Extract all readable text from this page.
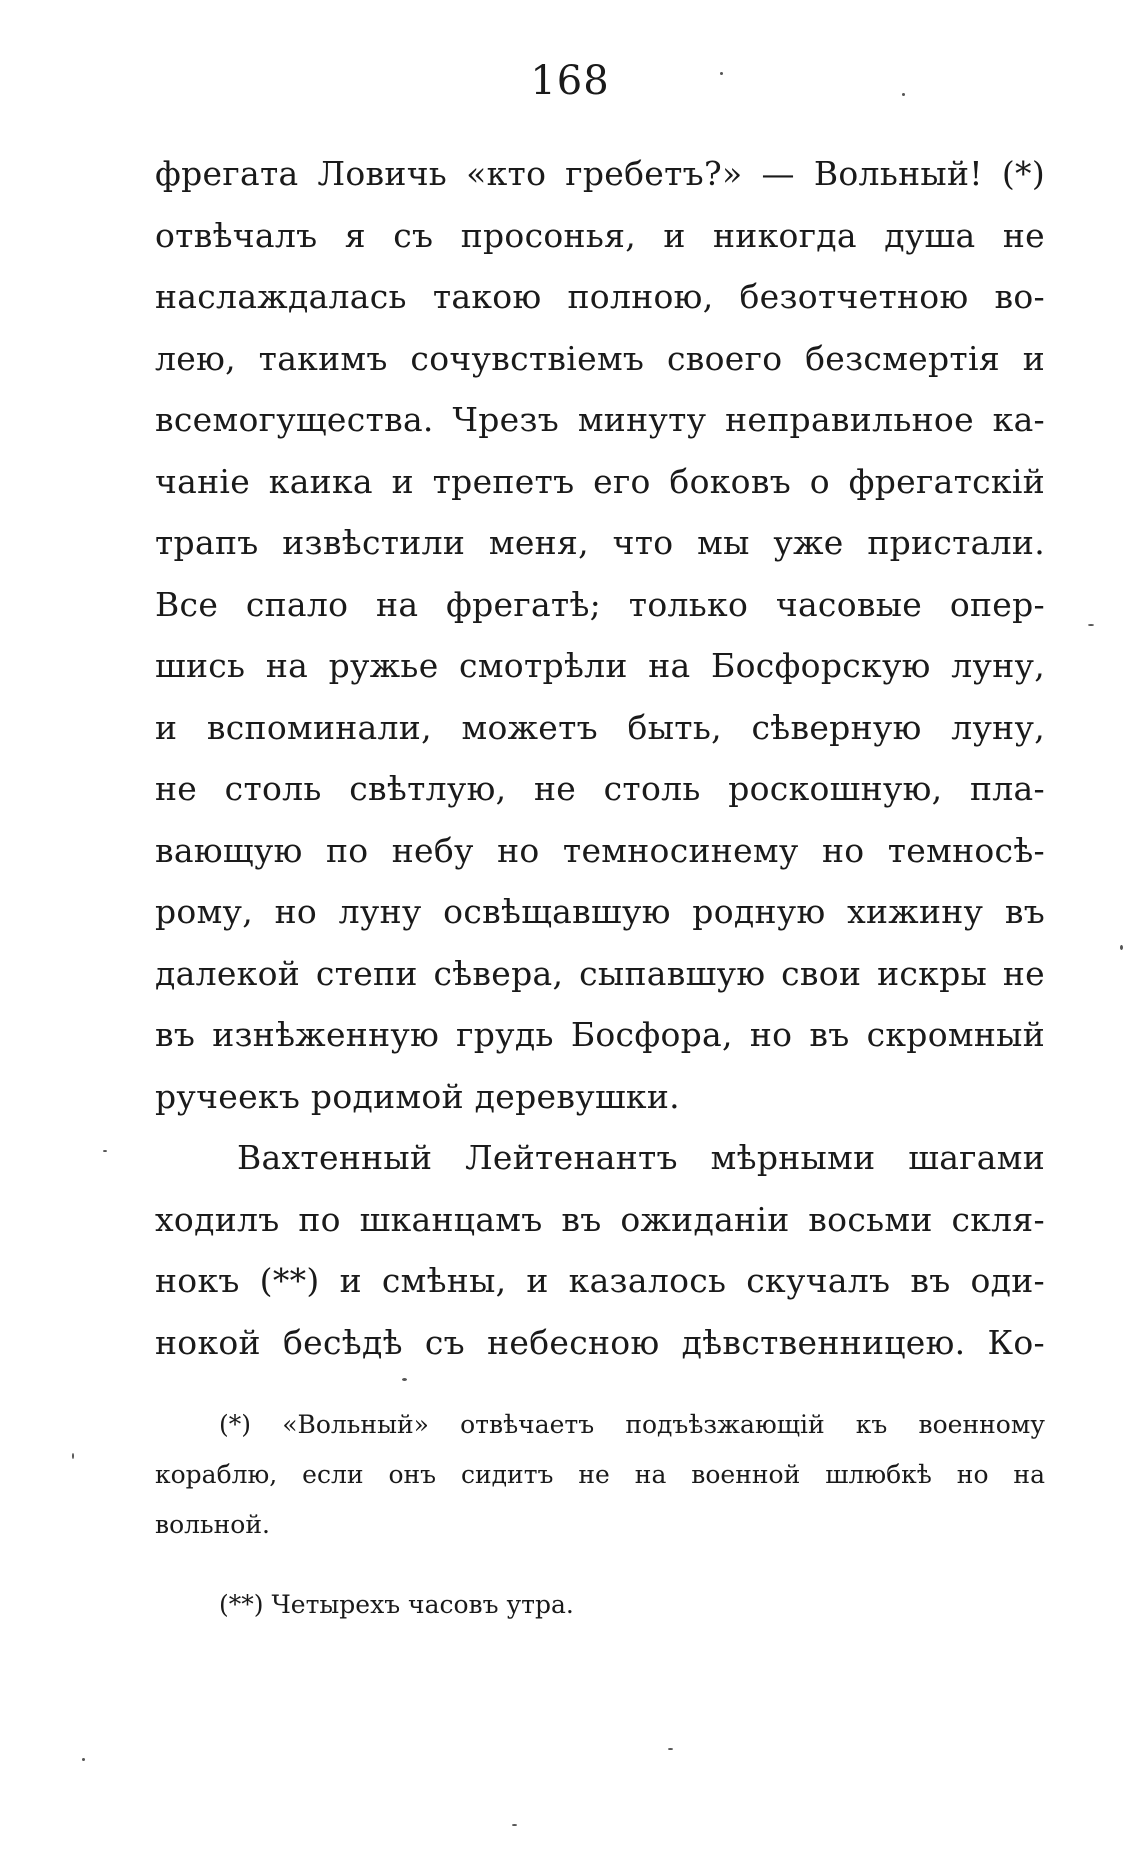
168
фрегата Ловичь «кто гребетъ?» — Вольный! (*)
отвѣчалъ я съ просонья, и никогда душа не
наслаждалась такою полною, безотчетною во-
лею, такимъ сочувствіемъ своего безсмертія и
всемогущества. Чрезъ минуту неправильное ка-
чаніе каика и трепетъ его боковъ о фрегатскій
трапъ извѣстили меня, что мы уже пристали.
Все спало на фрегатѣ; только часовые опер-
шись на ружье смотрѣли на Босфорскую луну,
и вспоминали, можетъ быть, сѣверную луну,
не столь свѣтлую, не столь роскошную, пла-
вающую по небу но темносинему но темносѣ-
рому, но луну освѣщавшую родную хижину въ
далекой степи сѣвера, сыпавшую свои искры не
въ изнѣженную грудь Босфора, но въ скромный
ручеекъ родимой деревушки.
Вахтенный Лейтенантъ мѣрными шагами
ходилъ по шканцамъ въ ожиданіи восьми скля-
нокъ (**) и смѣны, и казалось скучалъ въ оди-
нокой бесѣдѣ съ небесною дѣвственницею. Ко-
(*) «Вольный» отвѣчаетъ подъѣзжающій къ военному
кораблю, если онъ сидитъ не на военной шлюбкѣ но на
вольной.
(**) Четырехъ часовъ утра.
